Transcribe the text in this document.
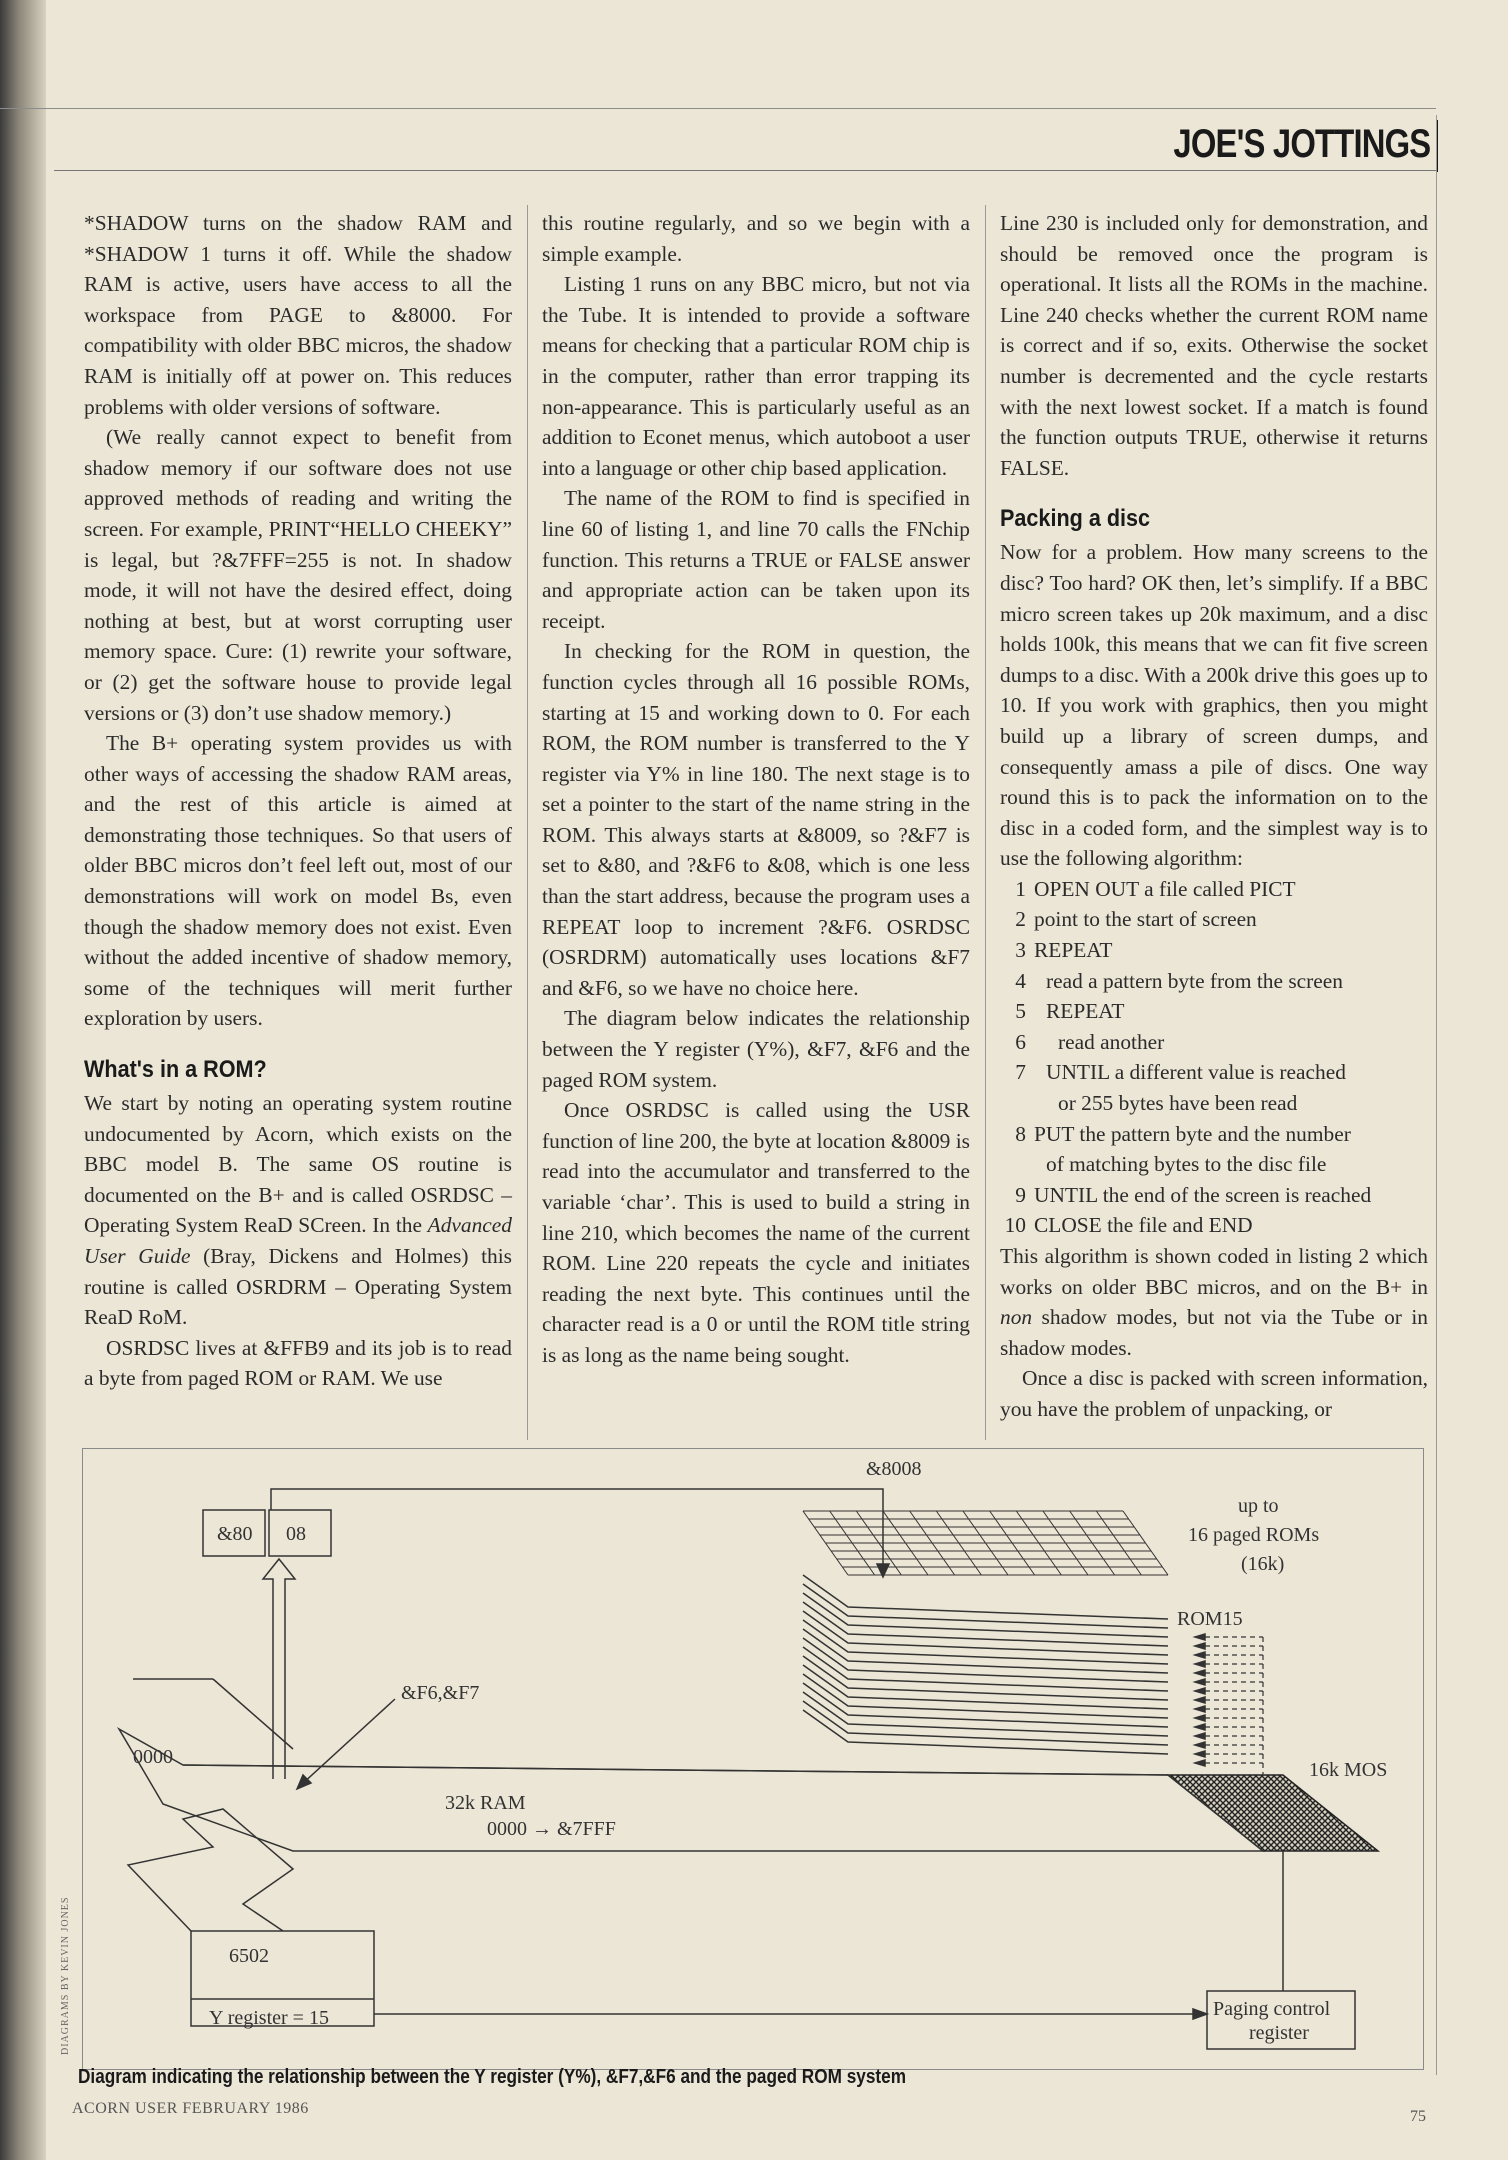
JOE'S JOTTINGS

*SHADOW turns on the shadow RAM and *SHADOW 1 turns it off. While the shadow RAM is active, users have access to all the workspace from PAGE to &8000. For compatibility with older BBC micros, the shadow RAM is initially off at power on. This reduces problems with older versions of software.

(We really cannot expect to benefit from shadow memory if our software does not use approved methods of reading and writing the screen. For example, PRINT“HELLO CHEEKY” is legal, but ?&7FFF=255 is not. In shadow mode, it will not have the desired effect, doing nothing at best, but at worst corrupting user memory space. Cure: (1) rewrite your software, or (2) get the software house to provide legal versions or (3) don’t use shadow memory.)

The B+ operating system provides us with other ways of accessing the shadow RAM areas, and the rest of this article is aimed at demonstrating those techniques. So that users of older BBC micros don’t feel left out, most of our demonstrations will work on model Bs, even though the shadow memory does not exist. Even without the added incentive of shadow memory, some of the techniques will merit further exploration by users.

What's in a ROM?

We start by noting an operating system routine undocumented by Acorn, which exists on the BBC model B. The same OS routine is documented on the B+ and is called OSRDSC – Operating System ReaD SCreen. In the Advanced User Guide (Bray, Dickens and Holmes) this routine is called OSRDRM – Operating System ReaD RoM.

OSRDSC lives at &FFB9 and its job is to read a byte from paged ROM or RAM. We use

this routine regularly, and so we begin with a simple example.

Listing 1 runs on any BBC micro, but not via the Tube. It is intended to provide a software means for checking that a particular ROM chip is in the computer, rather than error trapping its non-appearance. This is particularly useful as an addition to Econet menus, which autoboot a user into a language or other chip based application.

The name of the ROM to find is specified in line 60 of listing 1, and line 70 calls the FNchip function. This returns a TRUE or FALSE answer and appropriate action can be taken upon its receipt.

In checking for the ROM in question, the function cycles through all 16 possible ROMs, starting at 15 and working down to 0. For each ROM, the ROM number is transferred to the Y register via Y% in line 180. The next stage is to set a pointer to the start of the name string in the ROM. This always starts at &8009, so ?&F7 is set to &80, and ?&F6 to &08, which is one less than the start address, because the program uses a REPEAT loop to increment ?&F6. OSRDSC (OSRDRM) automatically uses locations &F7 and &F6, so we have no choice here.

The diagram below indicates the relationship between the Y register (Y%), &F7, &F6 and the paged ROM system.

Once OSRDSC is called using the USR function of line 200, the byte at location &8009 is read into the accumulator and transferred to the variable ‘char’. This is used to build a string in line 210, which becomes the name of the current ROM. Line 220 repeats the cycle and initiates reading the next byte. This continues until the character read is a 0 or until the ROM title string is as long as the name being sought.

Line 230 is included only for demonstration, and should be removed once the program is operational. It lists all the ROMs in the machine. Line 240 checks whether the current ROM name is correct and if so, exits. Otherwise the socket number is decremented and the cycle restarts with the next lowest socket. If a match is found the function outputs TRUE, otherwise it returns FALSE.

Packing a disc

Now for a problem. How many screens to the disc? Too hard? OK then, let’s simplify. If a BBC micro screen takes up 20k maximum, and a disc holds 100k, this means that we can fit five screen dumps to a disc. With a 200k drive this goes up to 10. If you work with graphics, then you might build up a library of screen dumps, and consequently amass a pile of discs. One way round this is to pack the information on to the disc in a coded form, and the simplest way is to use the following algorithm:

1 OPEN OUT a file called PICT
2 point to the start of screen
3 REPEAT
4 read a pattern byte from the screen
5 REPEAT
6 read another
7 UNTIL a different value is reached
or 255 bytes have been read
8 PUT the pattern byte and the number
of matching bytes to the disc file
9 UNTIL the end of the screen is reached
10 CLOSE the file and END

This algorithm is shown coded in listing 2 which works on older BBC micros, and on the B+ in non shadow modes, but not via the Tube or in shadow modes.

Once a disc is packed with screen information, you have the problem of unpacking, or

&8008
&80 08
up to
16 paged ROMs
(16k)
ROM15
&F6,&F7
0000
32k RAM
0000 → &7FFF
16k MOS
6502
Y register = 15	Paging control
register
Diagram indicating the relationship between the Y register (Y%), &F7,&F6 and the paged ROM system
DIAGRAMS BY KEVIN JONES
ACORN USER FEBRUARY 1986	75
